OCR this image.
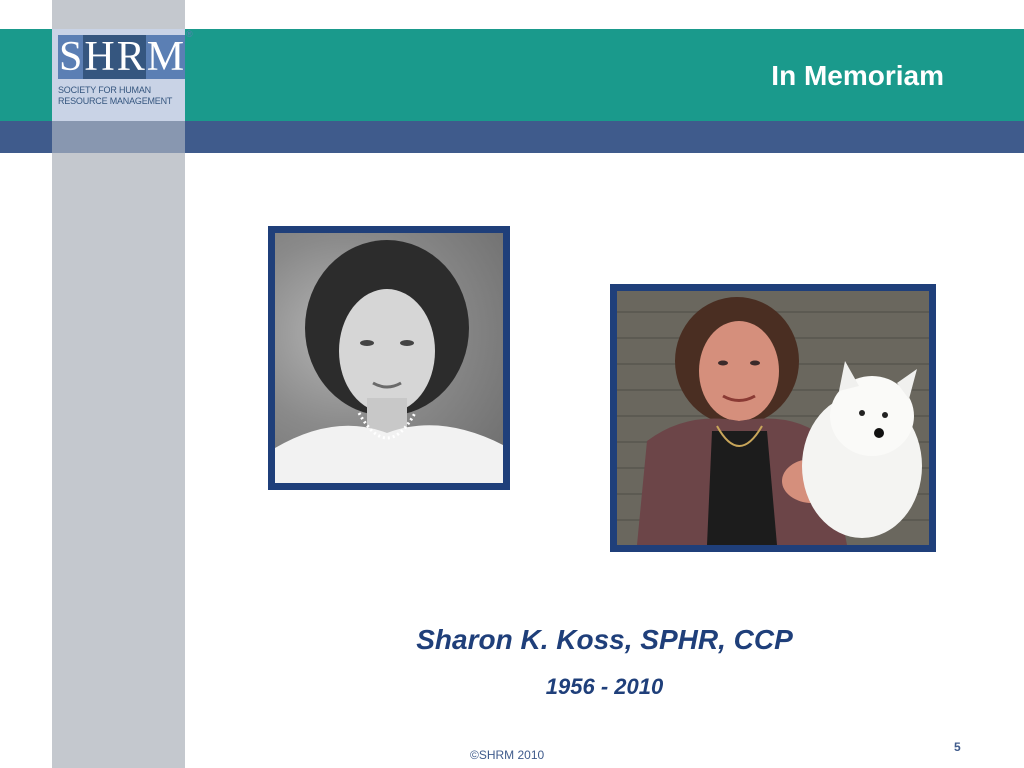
S H R M ®
SOCIETY FOR HUMAN RESOURCE MANAGEMENT
In Memoriam
Sharon K. Koss, SPHR, CCP
1956 - 2010
©SHRM 2010
5
